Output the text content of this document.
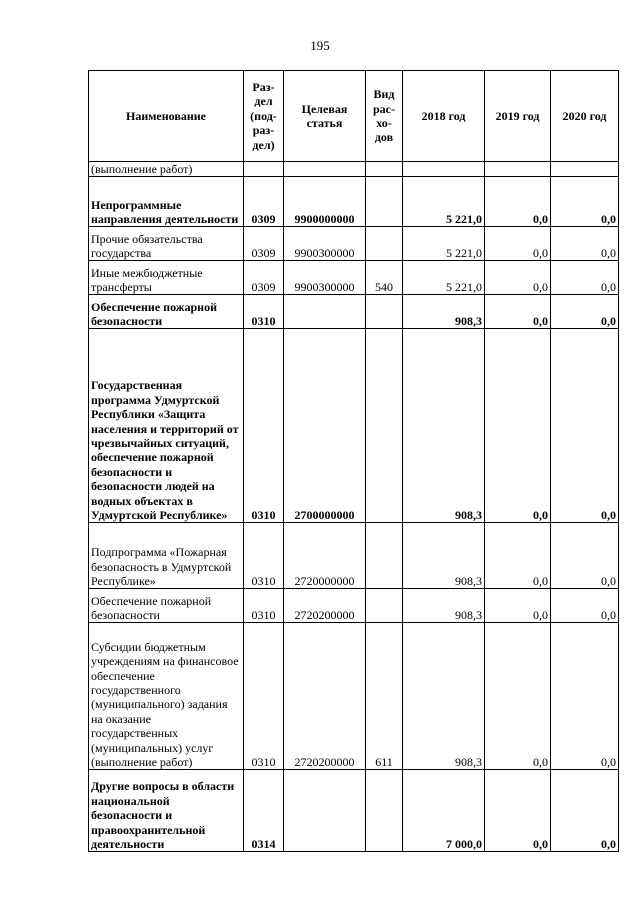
195
Наименование	Раз-дел (под-раз-дел)	Целевая статья	Вид рас-хо-дов	2018 год	2019 год	2020 год
(выполнение работ)						
Непрограммные направления деятельности	0309	9900000000		5 221,0	0,0	0,0
Прочие обязательства государства	0309	9900300000		5 221,0	0,0	0,0
Иные межбюджетные трансферты	0309	9900300000	540	5 221,0	0,0	0,0
Обеспечение пожарной безопасности	0310			908,3	0,0	0,0
Государственная программа Удмуртской Республики «Защита населения и территорий от чрезвычайных ситуаций, обеспечение пожарной безопасности и безопасности людей на водных объектах в Удмуртской Республике»	0310	2700000000		908,3	0,0	0,0
Подпрограмма «Пожарная безопасность в Удмуртской Республике»	0310	2720000000		908,3	0,0	0,0
Обеспечение пожарной безопасности	0310	2720200000		908,3	0,0	0,0
Субсидии бюджетным учреждениям на финансовое обеспечение государственного (муниципального) задания на оказание государственных (муниципальных) услуг (выполнение работ)	0310	2720200000	611	908,3	0,0	0,0
Другие вопросы в области национальной безопасности и правоохранительной деятельности	0314			7 000,0	0,0	0,0
